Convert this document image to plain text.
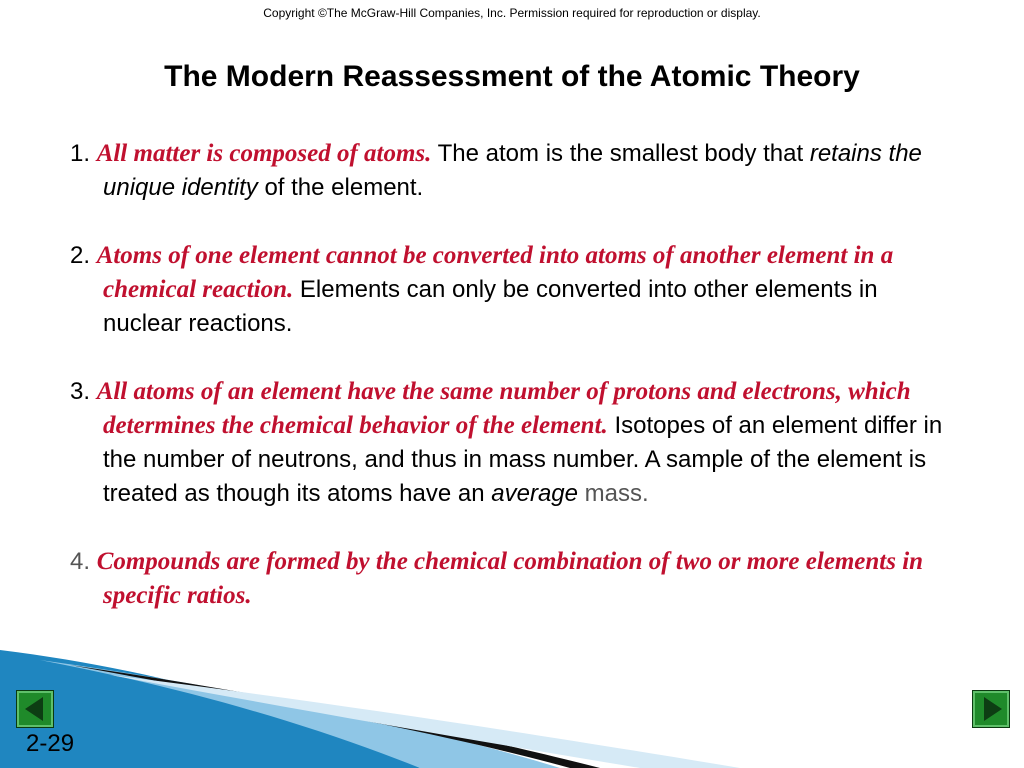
Copyright ©The McGraw-Hill Companies, Inc. Permission required for reproduction or display.
The Modern Reassessment of the Atomic Theory
1. All matter is composed of atoms. The atom is the smallest body that retains the unique identity of the element.
2. Atoms of one element cannot be converted into atoms of another element in a chemical reaction. Elements can only be converted into other elements in nuclear reactions.
3. All atoms of an element have the same number of protons and electrons, which determines the chemical behavior of the element. Isotopes of an element differ in the number of neutrons, and thus in mass number. A sample of the element is treated as though its atoms have an average mass.
4. Compounds are formed by the chemical combination of two or more elements in specific ratios.
2-29
